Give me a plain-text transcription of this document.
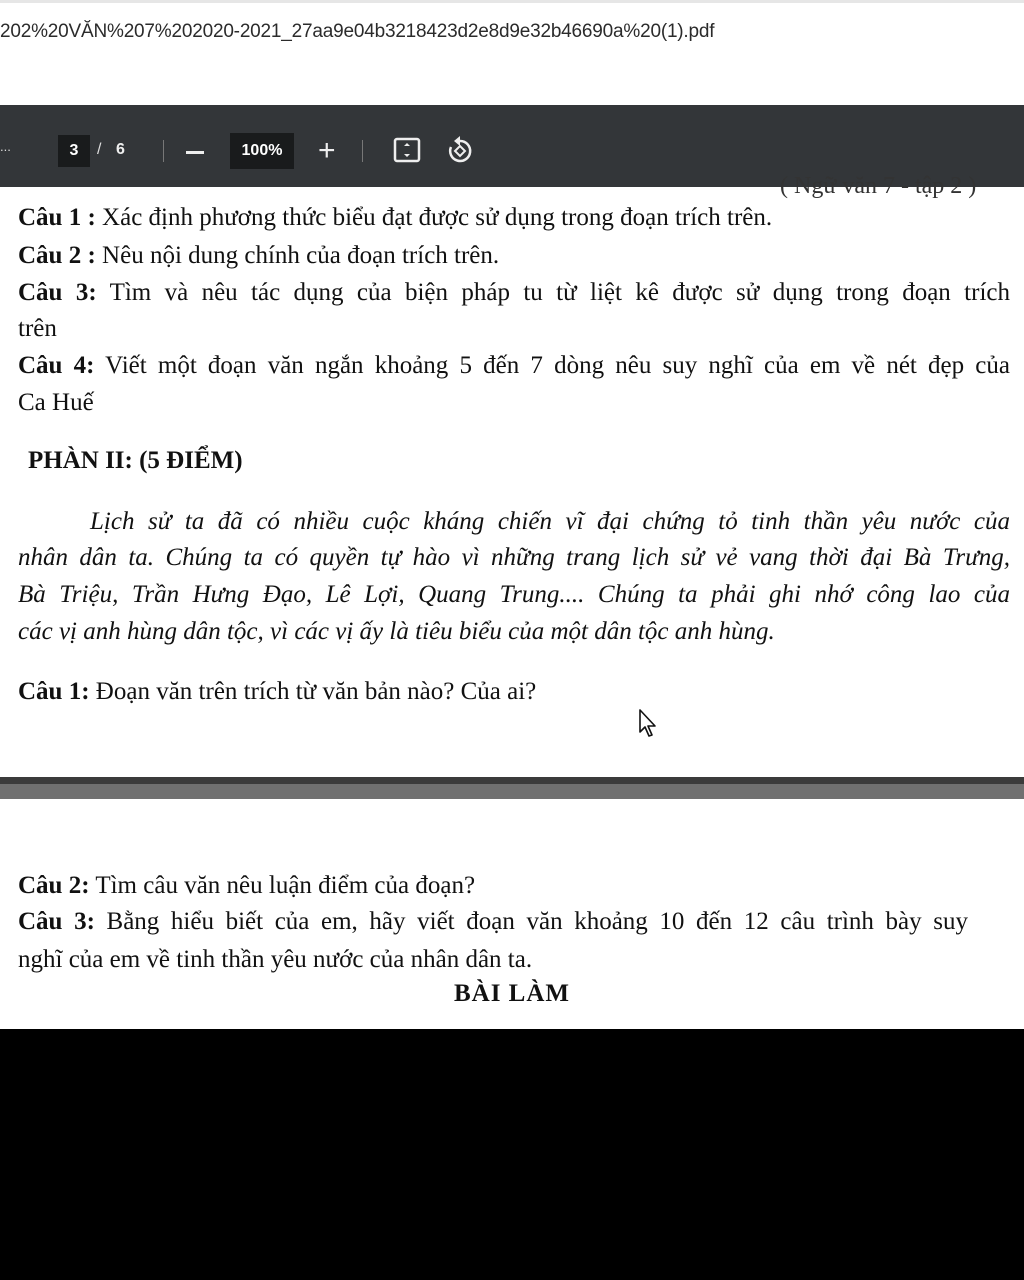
202%20VĂN%207%202020-2021_27aa9e04b3218423d2e8d9e32b46690a%20(1).pdf
...	3	/ 6	100%	+
( Ngữ văn 7 - tập 2 )
Câu 1 : Xác định phương thức biểu đạt được sử dụng trong đoạn trích trên.
Câu 2 : Nêu nội dung chính của đoạn trích trên.
Câu 3: Tìm và nêu tác dụng của biện pháp tu từ liệt kê được sử dụng trong đoạn trích
trên
Câu 4: Viết một đoạn văn ngắn khoảng 5 đến 7 dòng nêu suy nghĩ của em về nét đẹp của
Ca Huế
PHÀN II: (5 ĐIỂM)
Lịch sử ta đã có nhiều cuộc kháng chiến vĩ đại chứng tỏ tinh thần yêu nước của
nhân dân ta. Chúng ta có quyền tự hào vì những trang lịch sử vẻ vang thời đại Bà Trưng,
Bà Triệu, Trần Hưng Đạo, Lê Lợi, Quang Trung.... Chúng ta phải ghi nhớ công lao của
các vị anh hùng dân tộc, vì các vị ấy là tiêu biểu của một dân tộc anh hùng.
Câu 1: Đoạn văn trên trích từ văn bản nào? Của ai?
Câu 2: Tìm câu văn nêu luận điểm của đoạn?
Câu 3: Bằng hiểu biết của em, hãy viết đoạn văn khoảng 10 đến 12 câu trình bày suy
nghĩ của em về tinh thần yêu nước của nhân dân ta.
BÀI LÀM
